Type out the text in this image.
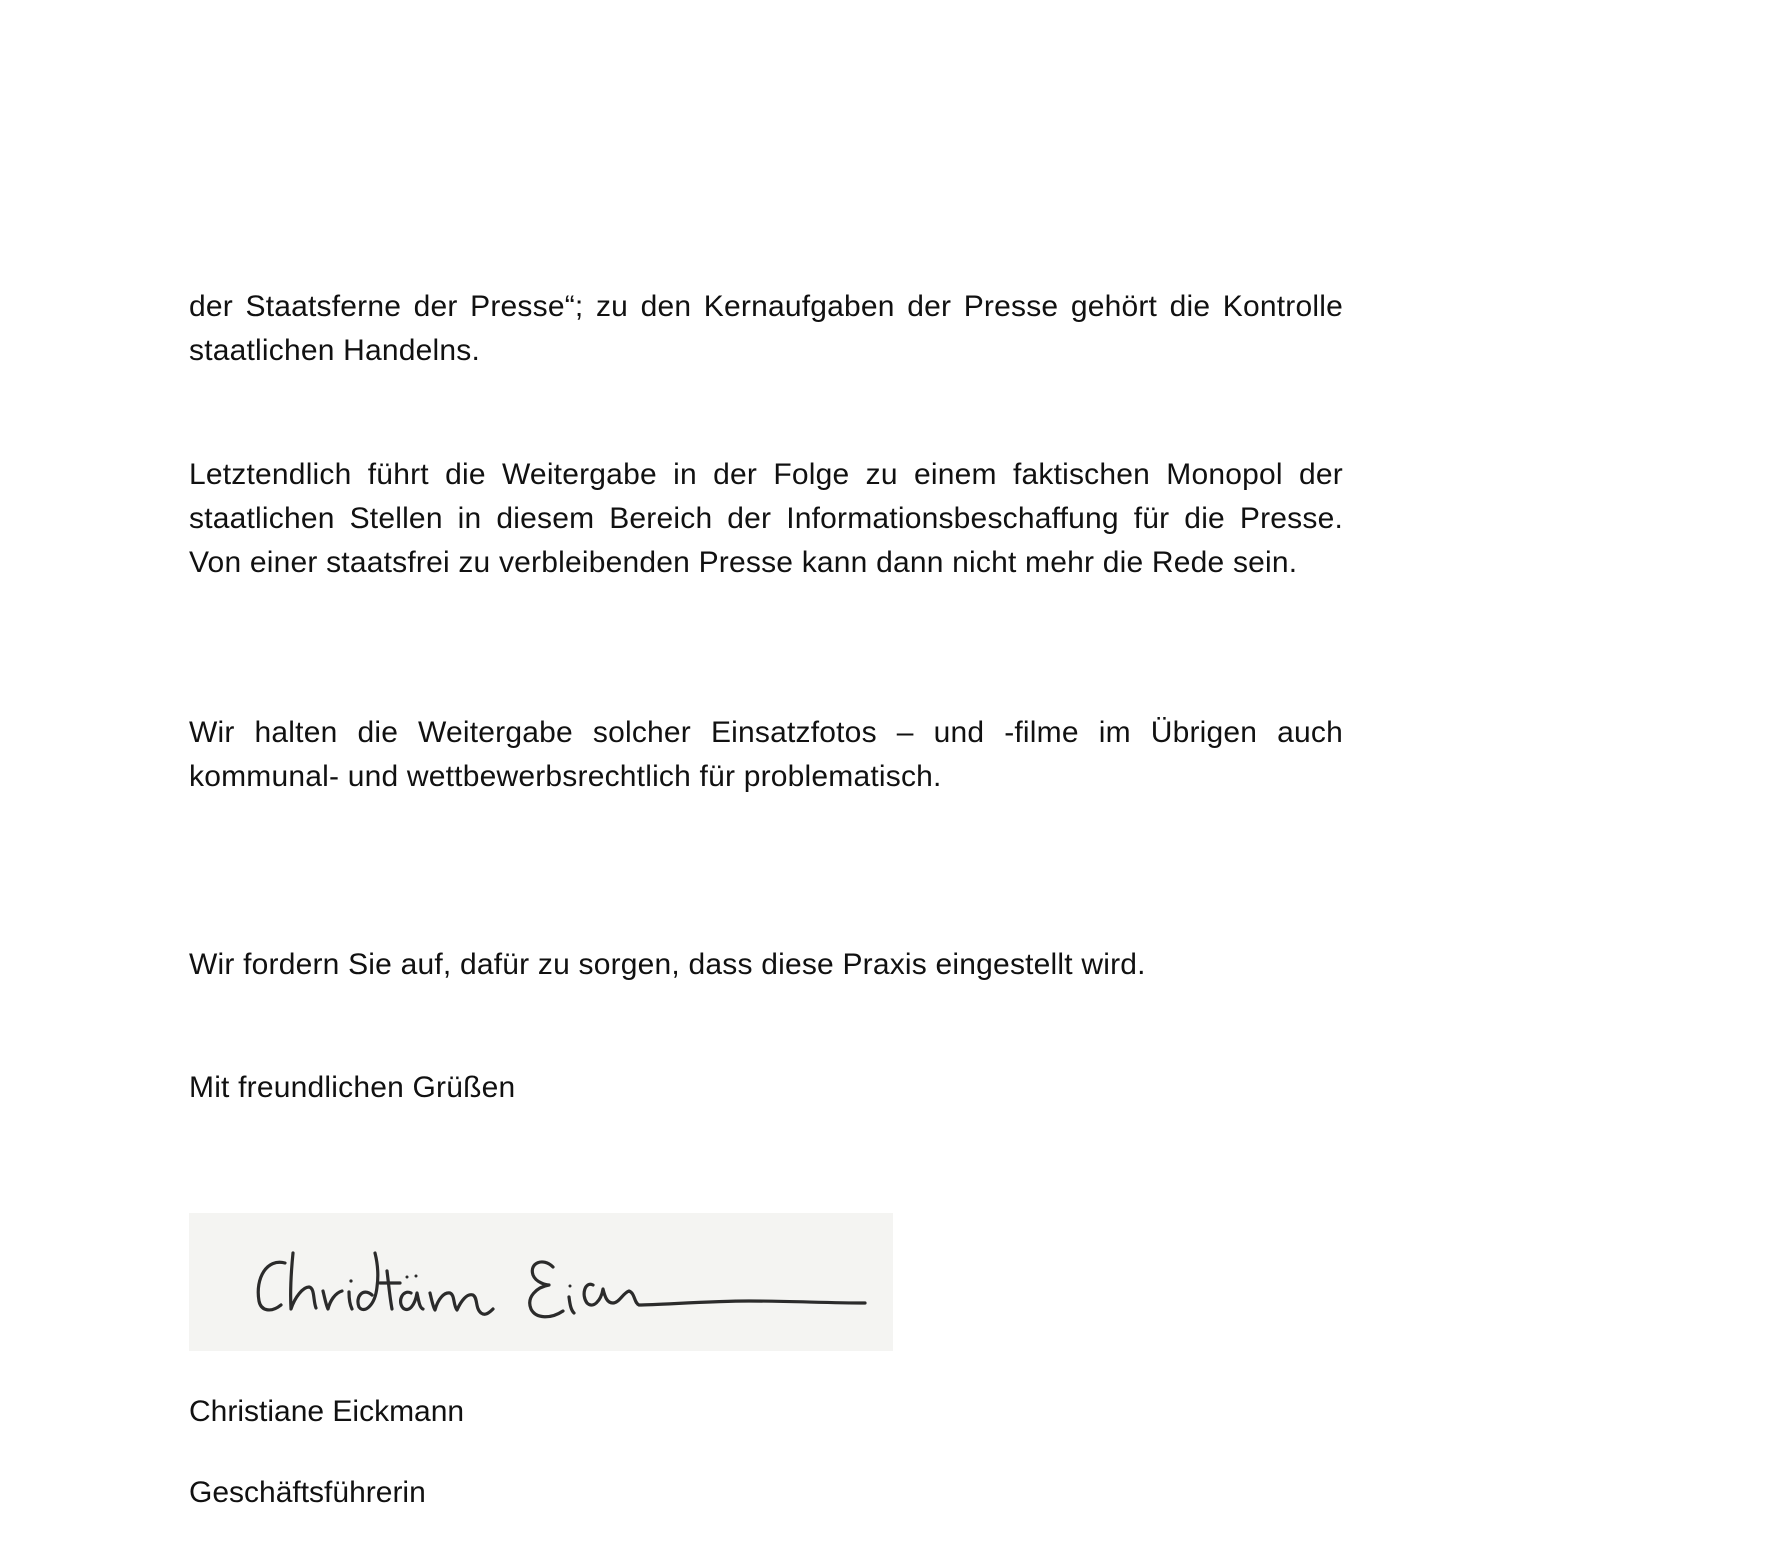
der Staatsferne der Presse“; zu den Kernaufgaben der Presse gehört die Kontrolle staatlichen Handelns.

Letztendlich führt die Weitergabe in der Folge zu einem faktischen Monopol der staatlichen Stellen in diesem Bereich der Informationsbeschaffung für die Presse. Von einer staatsfrei zu verbleibenden Presse kann dann nicht mehr die Rede sein.

Wir halten die Weitergabe solcher Einsatzfotos – und -filme im Übrigen auch kommunal- und wettbewerbsrechtlich für problematisch.

Wir fordern Sie auf, dafür zu sorgen, dass diese Praxis eingestellt wird.

Mit freundlichen Grüßen

Christiane Eickmann

Geschäftsführerin
